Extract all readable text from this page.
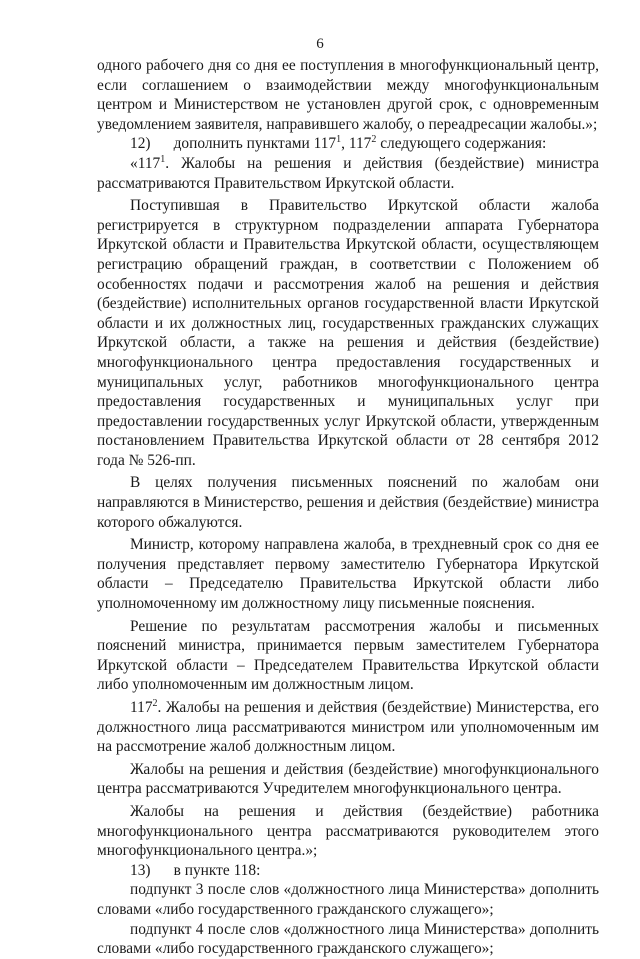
6

одного рабочего дня со дня ее поступления в многофункциональный центр, если соглашением о взаимодействии между многофункциональным центром и Министерством не установлен другой срок, с одновременным уведомлением заявителя, направившего жалобу, о переадресации жалобы.»;

12)  дополнить пунктами $117^1$, $117^2$ следующего содержания:

«$117^1$. Жалобы на решения и действия (бездействие) министра рассматриваются Правительством Иркутской области.

Поступившая в Правительство Иркутской области жалоба регистрируется в структурном подразделении аппарата Губернатора Иркутской области и Правительства Иркутской области, осуществляющем регистрацию обращений граждан, в соответствии с Положением об особенностях подачи и рассмотрения жалоб на решения и действия (бездействие) исполнительных органов государственной власти Иркутской области и их должностных лиц, государственных гражданских служащих Иркутской области, а также на решения и действия (бездействие) многофункционального центра предоставления государственных и муниципальных услуг, работников многофункционального центра предоставления государственных и муниципальных услуг при предоставлении государственных услуг Иркутской области, утвержденным постановлением Правительства Иркутской области от 28 сентября 2012 года № 526-пп.

В целях получения письменных пояснений по жалобам они направляются в Министерство, решения и действия (бездействие) министра которого обжалуются.

Министр, которому направлена жалоба, в трехдневный срок со дня ее получения представляет первому заместителю Губернатора Иркутской области – Председателю Правительства Иркутской области либо уполномоченному им должностному лицу письменные пояснения.

Решение по результатам рассмотрения жалобы и письменных пояснений министра, принимается первым заместителем Губернатора Иркутской области – Председателем Правительства Иркутской области либо уполномоченным им должностным лицом.

$117^2$. Жалобы на решения и действия (бездействие) Министерства, его должностного лица рассматриваются министром или уполномоченным им на рассмотрение жалоб должностным лицом.

Жалобы на решения и действия (бездействие) многофункционального центра рассматриваются Учредителем многофункционального центра.

Жалобы на решения и действия (бездействие) работника многофункционального центра рассматриваются руководителем этого многофункционального центра.»;

13)  в пункте 118:

подпункт 3 после слов «должностного лица Министерства» дополнить словами «либо государственного гражданского служащего»;

подпункт 4 после слов «должностного лица Министерства» дополнить словами «либо государственного гражданского служащего»;
